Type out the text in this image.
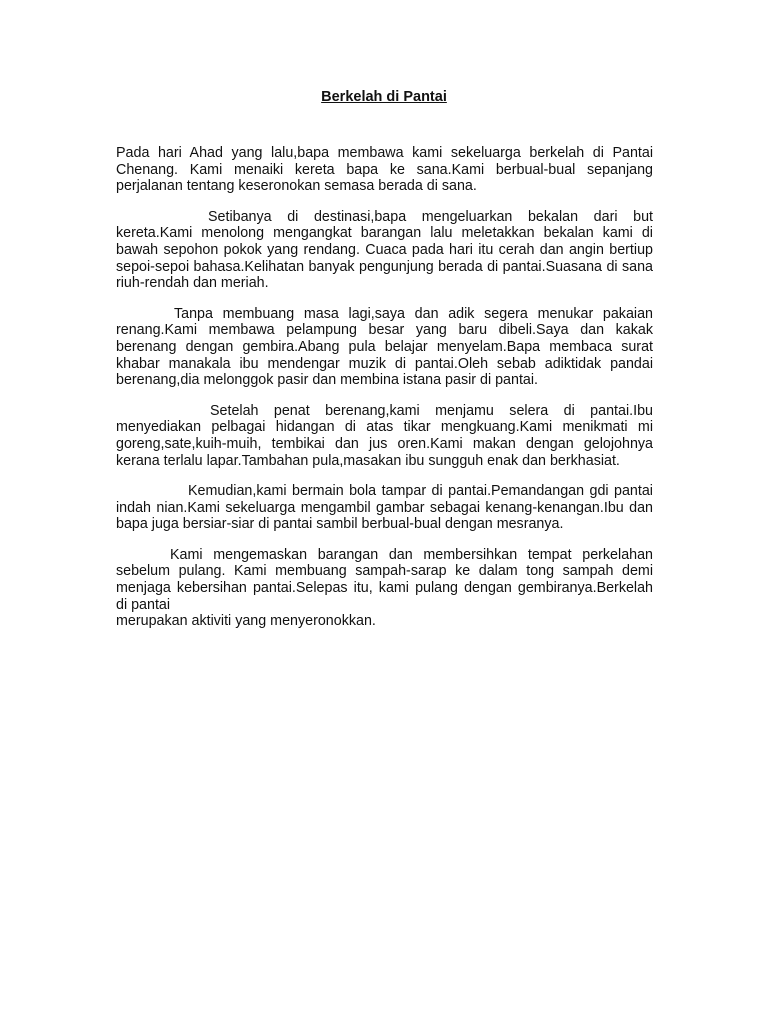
Berkelah di Pantai

Pada hari Ahad yang lalu,bapa membawa kami sekeluarga berkelah di Pantai Chenang. Kami menaiki kereta bapa ke sana.Kami berbual-bual sepanjang perjalanan tentang keseronokan semasa berada di sana.

Setibanya di destinasi,bapa mengeluarkan bekalan dari but kereta.Kami menolong mengangkat barangan lalu meletakkan bekalan kami di bawah sepohon pokok yang rendang. Cuaca pada hari itu cerah dan angin bertiup sepoi-sepoi bahasa.Kelihatan banyak pengunjung berada di pantai.Suasana di sana riuh-rendah dan meriah.

Tanpa membuang masa lagi,saya dan adik segera menukar pakaian renang.Kami membawa pelampung besar yang baru dibeli.Saya dan kakak berenang dengan gembira.Abang pula belajar menyelam.Bapa membaca surat khabar manakala ibu mendengar muzik di pantai.Oleh sebab adiktidak pandai berenang,dia melonggok pasir dan membina istana pasir di pantai.

Setelah penat berenang,kami menjamu selera di pantai.Ibu menyediakan pelbagai hidangan di atas tikar mengkuang.Kami menikmati mi goreng,sate,kuih-muih, tembikai dan jus oren.Kami makan dengan gelojohnya kerana terlalu lapar.Tambahan pula,masakan ibu sungguh enak dan berkhasiat.

Kemudian,kami bermain bola tampar di pantai.Pemandangan gdi pantai indah nian.Kami sekeluarga mengambil gambar sebagai kenang-kenangan.Ibu dan bapa juga bersiar-siar di pantai sambil berbual-bual dengan mesranya.

Kami mengemaskan barangan dan membersihkan tempat perkelahan sebelum pulang. Kami membuang sampah-sarap ke dalam tong sampah demi menjaga kebersihan pantai.Selepas itu, kami pulang dengan gembiranya.Berkelah di pantai

merupakan aktiviti yang menyeronokkan.
